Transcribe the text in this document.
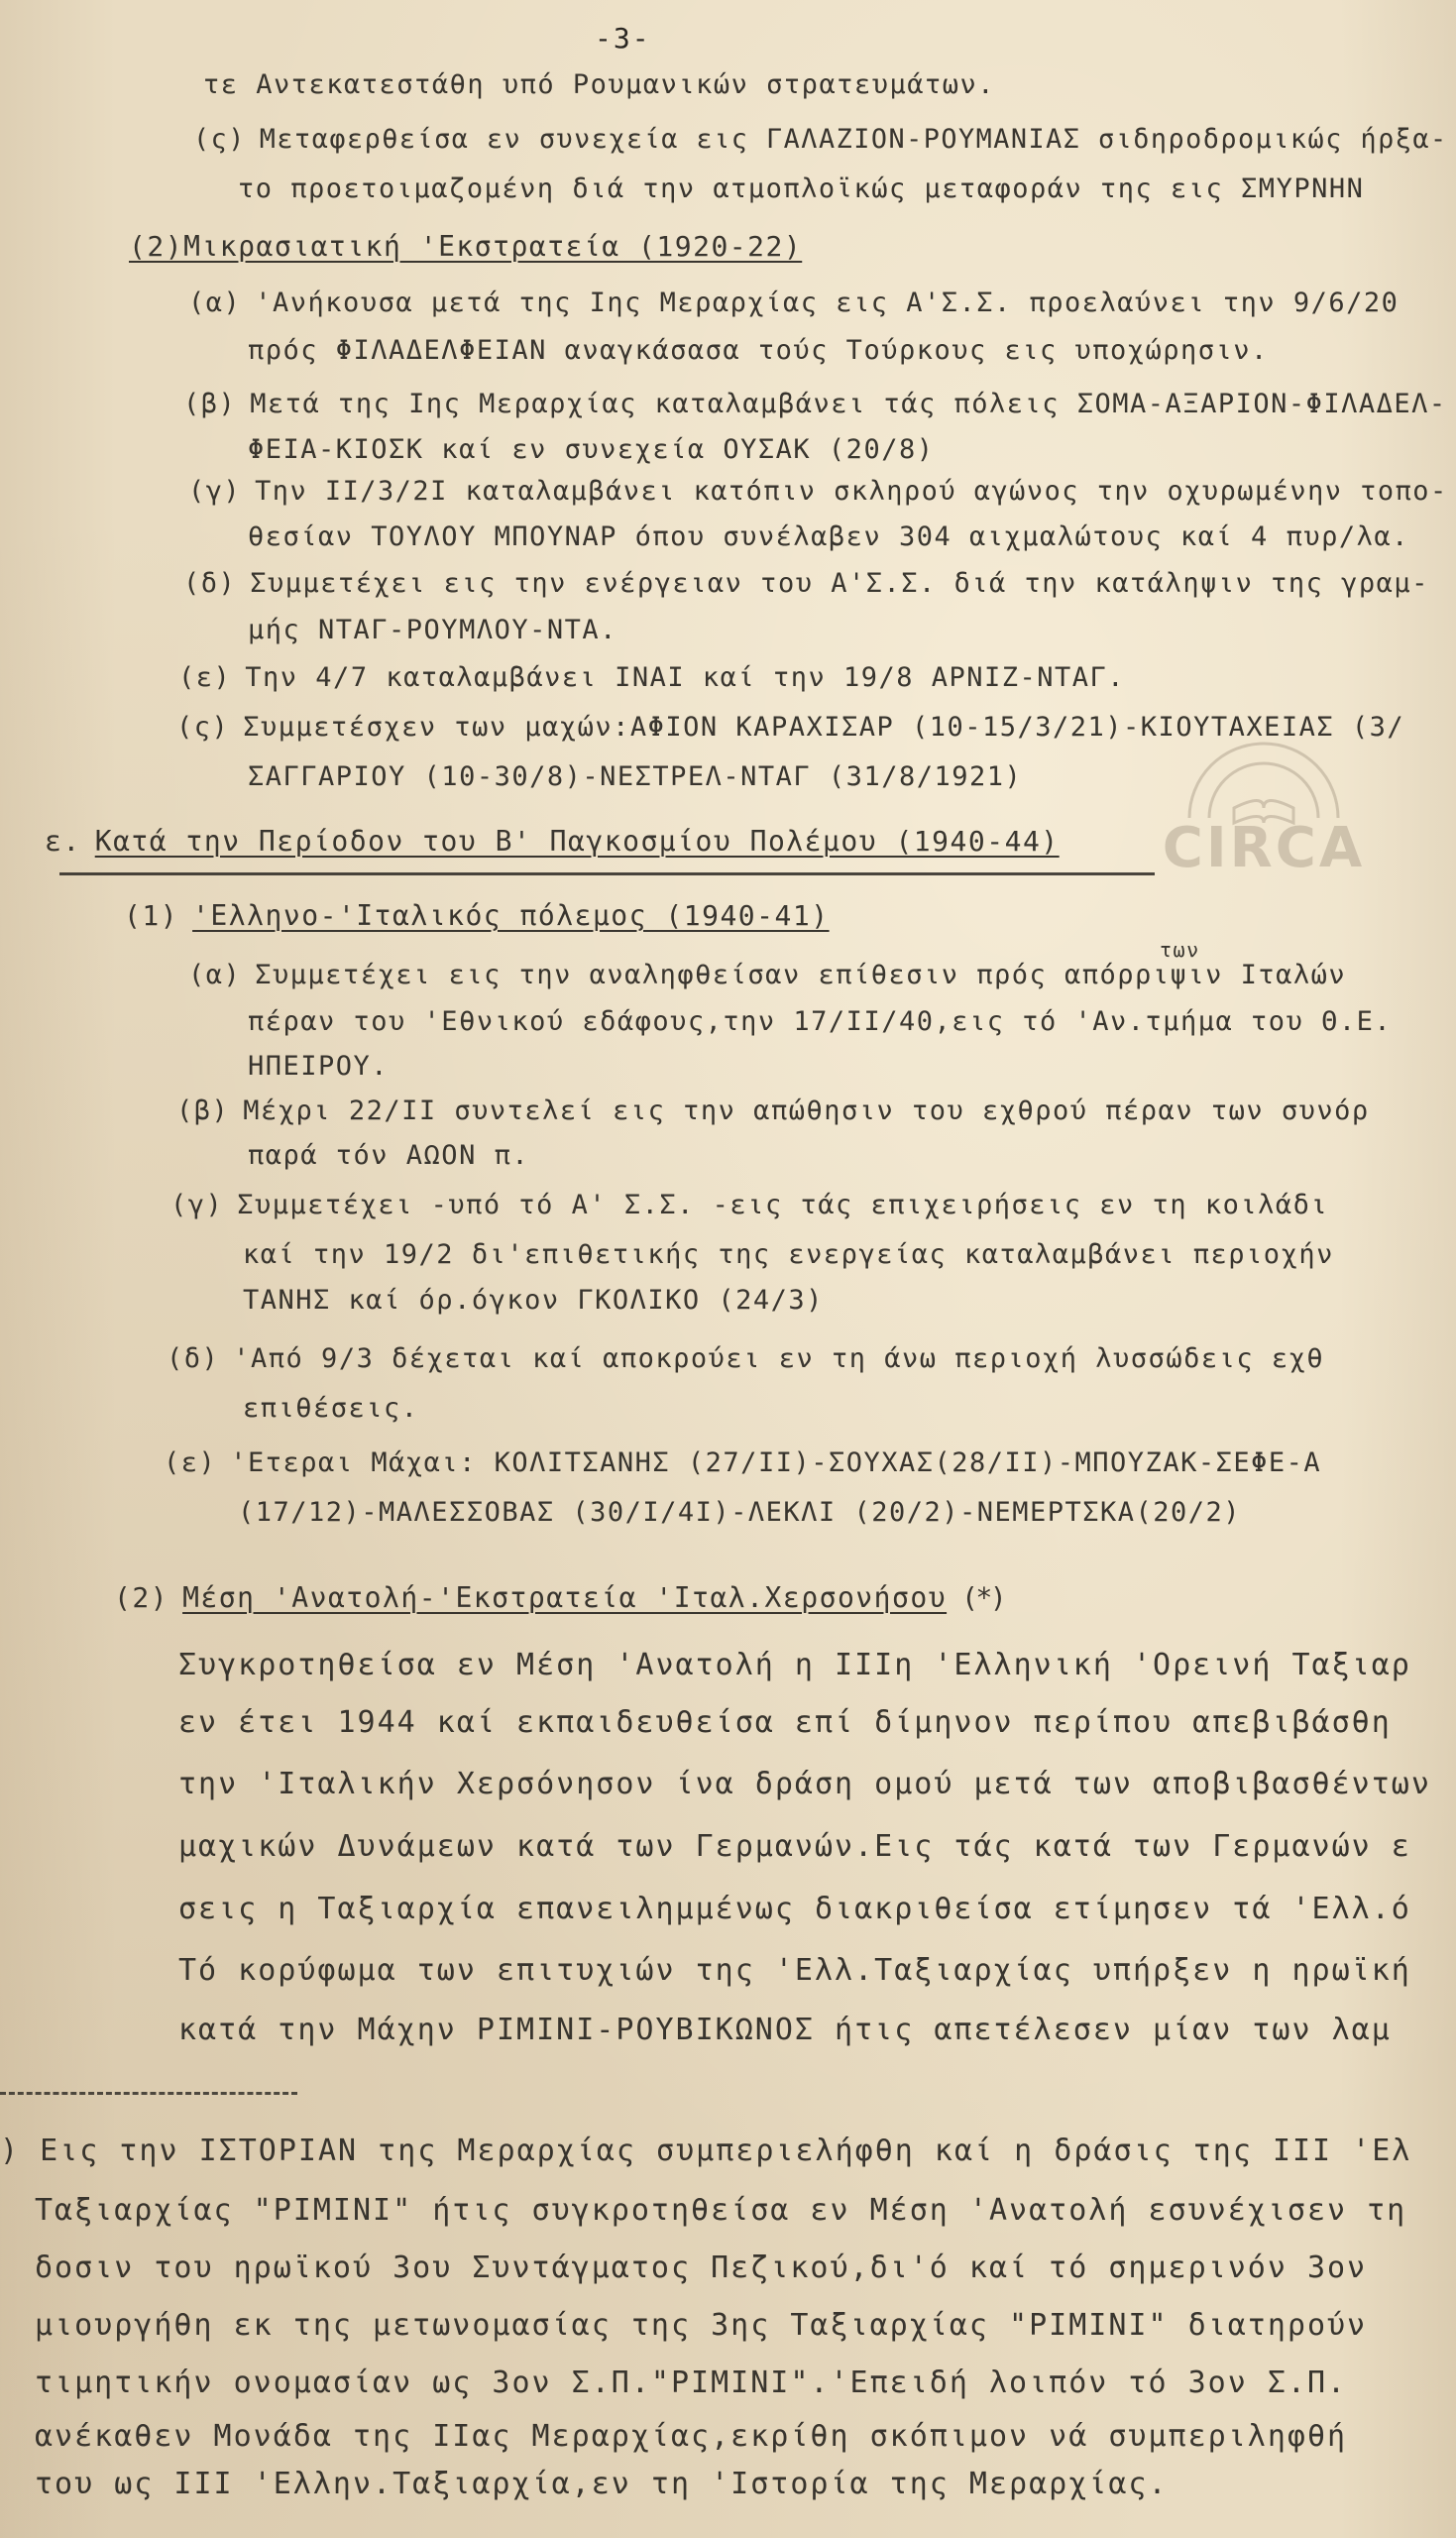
-3-
τε Αντεκατεστάθη υπό Ρουμανικών στρατευμάτων.
(ς) Μεταφερθείσα εν συνεχεία εις ΓΑΛΑΖΙΟΝ-ΡΟΥΜΑΝΙΑΣ σιδηροδρομικώς ήρξα-
το προετοιμαζομένη διά την ατμοπλοϊκώς μεταφοράν της εις ΣΜΥΡΝΗΝ
(2)Μικρασιατική 'Εκστρατεία (1920-22)
(α) 'Ανήκουσα μετά της Ιης Μεραρχίας εις Α'Σ.Σ. προελαύνει την 9/6/20
πρός ΦΙΛΑΔΕΛΦΕΙΑΝ αναγκάσασα τούς Τούρκους εις υποχώρησιν.
(β) Μετά της Ιης Μεραρχίας καταλαμβάνει τάς πόλεις ΣΟΜΑ-ΑΞΑΡΙΟΝ-ΦΙΛΑΔΕΛ-
ΦΕΙΑ-ΚΙΟΣΚ καί εν συνεχεία ΟΥΣΑΚ (20/8)
(γ) Την ΙΙ/3/2Ι καταλαμβάνει κατόπιν σκληρού αγώνος την οχυρωμένην τοπο-
θεσίαν ΤΟΥΛΟΥ ΜΠΟΥΝΑΡ όπου συνέλαβεν 304 αιχμαλώτους καί 4 πυρ/λα.
(δ) Συμμετέχει εις την ενέργειαν του Α'Σ.Σ. διά την κατάληψιν της γραμ-
μής ΝΤΑΓ-ΡΟΥΜΛΟΥ-ΝΤΑ.
(ε) Την 4/7 καταλαμβάνει ΙΝΑΙ καί την 19/8 ΑΡΝΙΖ-ΝΤΑΓ.
(ς) Συμμετέσχεν των μαχών:ΑΦΙΟΝ ΚΑΡΑΧΙΣΑΡ (10-15/3/21)-ΚΙΟΥΤΑΧΕΙΑΣ (3/
ΣΑΓΓΑΡΙΟΥ (10-30/8)-ΝΕΣΤΡΕΛ-ΝΤΑΓ (31/8/1921)
CIRCA
ε. Κατά την Περίοδον του Β' Παγκοσμίου Πολέμου (1940-44)
(1) 'Ελληνο-'Ιταλικός πόλεμος (1940-41)
(α) Συμμετέχει εις την αναληφθείσαν επίθεσιν πρός απόρριψιν Ιταλών
των
πέραν του 'Εθνικού εδάφους,την 17/ΙΙ/40,εις τό 'Αν.τμήμα του Θ.Ε.
ΗΠΕΙΡΟΥ.
(β) Μέχρι 22/ΙΙ συντελεί εις την απώθησιν του εχθρού πέραν των συνόρ
παρά τόν ΑΩΟΝ π.
(γ) Συμμετέχει -υπό τό Α' Σ.Σ. -εις τάς επιχειρήσεις εν τη κοιλάδι
καί την 19/2 δι'επιθετικής της ενεργείας καταλαμβάνει περιοχήν
ΤΑΝΗΣ καί όρ.όγκον ΓΚΟΛΙΚΟ (24/3)
(δ) 'Από 9/3 δέχεται καί αποκρούει εν τη άνω περιοχή λυσσώδεις εχθ
επιθέσεις.
(ε) 'Ετεραι Μάχαι: ΚΟΛΙΤΣΑΝΗΣ (27/ΙΙ)-ΣΟΥΧΑΣ(28/ΙΙ)-ΜΠΟΥΖΑΚ-ΣΕΦΕ-Α
(17/12)-ΜΑΛΕΣΣΟΒΑΣ (30/Ι/4Ι)-ΛΕΚΛΙ (20/2)-ΝΕΜΕΡΤΣΚΑ(20/2)
(2) Μέση 'Ανατολή-'Εκστρατεία 'Ιταλ.Χερσονήσου (*)
Συγκροτηθείσα εν Μέση 'Ανατολή η ΙΙΙη 'Ελληνική 'Ορεινή Ταξιαρ
εν έτει 1944 καί εκπαιδευθείσα επί δίμηνον περίπου απεβιβάσθη
την 'Ιταλικήν Χερσόνησον ίνα δράση ομού μετά των αποβιβασθέντων
μαχικών Δυνάμεων κατά των Γερμανών.Εις τάς κατά των Γερμανών ε
σεις η Ταξιαρχία επανειλημμένως διακριθείσα ετίμησεν τά 'Ελλ.ό
Τό κορύφωμα των επιτυχιών της 'Ελλ.Ταξιαρχίας υπήρξεν η ηρωϊκή
κατά την Μάχην ΡΙΜΙΝΙ-ΡΟΥΒΙΚΩΝΟΣ ήτις απετέλεσεν μίαν των λαμ
) Εις την ΙΣΤΟΡΙΑΝ της Μεραρχίας συμπεριελήφθη καί η δράσις της ΙΙΙ 'Ελ
Ταξιαρχίας "ΡΙΜΙΝΙ" ήτις συγκροτηθείσα εν Μέση 'Ανατολή εσυνέχισεν τη
δοσιν του ηρωϊκού 3ου Συντάγματος Πεζικού,δι'ό καί τό σημερινόν 3ον
μιουργήθη εκ της μετωνομασίας της 3ης Ταξιαρχίας "ΡΙΜΙΝΙ" διατηρούν
τιμητικήν ονομασίαν ως 3ον Σ.Π."ΡΙΜΙΝΙ".'Επειδή λοιπόν τό 3ον Σ.Π.
ανέκαθεν Μονάδα της ΙΙας Μεραρχίας,εκρίθη σκόπιμον νά συμπεριληφθή
του ως ΙΙΙ 'Ελλην.Ταξιαρχία,εν τη 'Ιστορία της Μεραρχίας.
